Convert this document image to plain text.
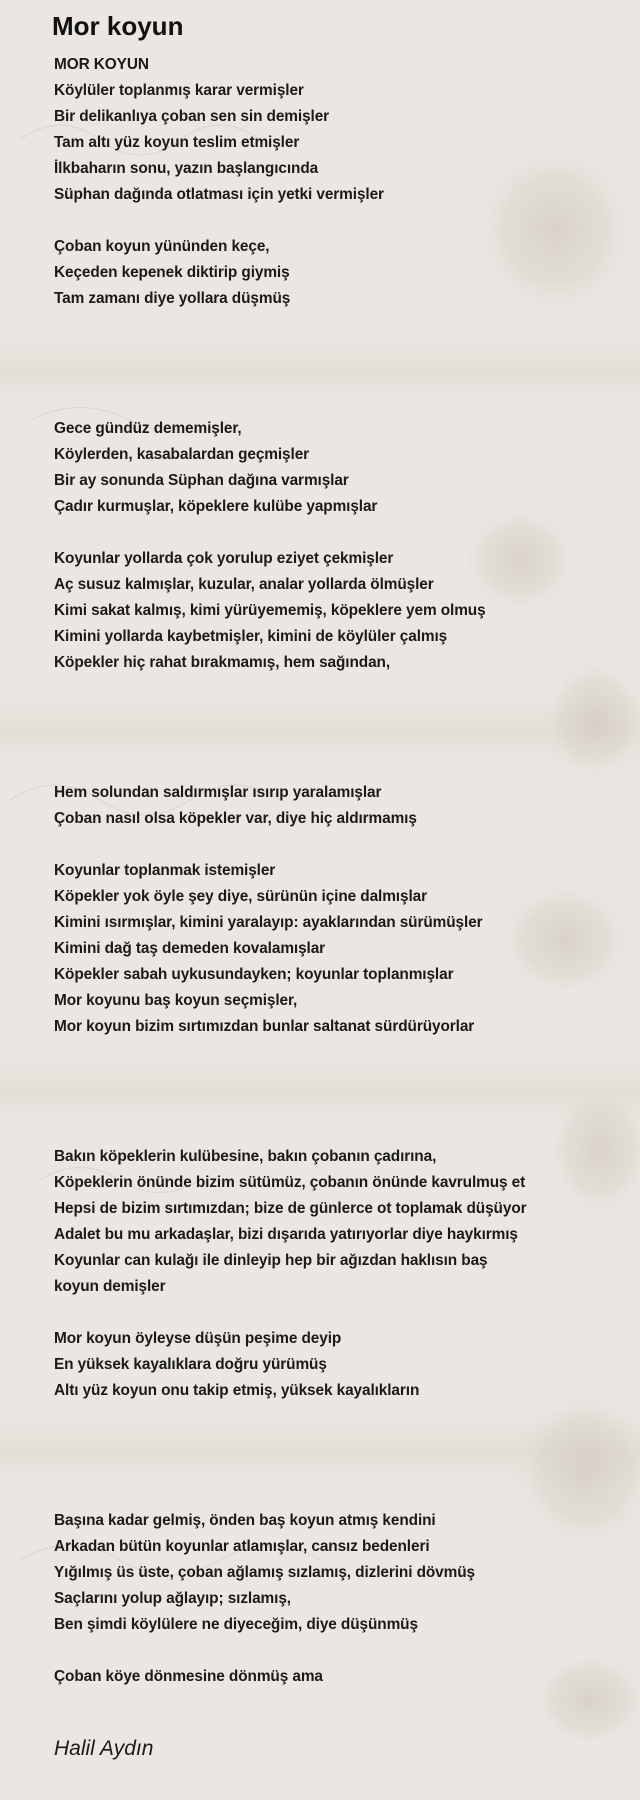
Mor koyun
MOR KOYUN
Köylüler toplanmış karar vermişler
Bir delikanlıya çoban sen sin demişler
Tam altı yüz koyun teslim etmişler
İlkbaharın sonu, yazın başlangıcında
Süphan dağında otlatması için yetki vermişler
Çoban koyun yününden keçe,
Keçeden kepenek diktirip giymiş
Tam zamanı diye yollara düşmüş
Gece gündüz dememişler,
Köylerden, kasabalardan geçmişler
Bir ay sonunda Süphan dağına varmışlar
Çadır kurmuşlar, köpeklere kulübe yapmışlar
Koyunlar yollarda çok yorulup eziyet çekmişler
Aç susuz kalmışlar, kuzular, analar yollarda ölmüşler
Kimi sakat kalmış, kimi yürüyememiş, köpeklere yem olmuş
Kimini yollarda kaybetmişler, kimini de köylüler çalmış
Köpekler hiç rahat bırakmamış, hem sağından,
Hem solundan saldırmışlar ısırıp yaralamışlar
Çoban nasıl olsa köpekler var, diye hiç aldırmamış
Koyunlar toplanmak istemişler
Köpekler yok öyle şey diye, sürünün içine dalmışlar
Kimini ısırmışlar, kimini yaralayıp: ayaklarından sürümüşler
Kimini dağ taş demeden kovalamışlar
Köpekler sabah uykusundayken; koyunlar toplanmışlar
Mor koyunu baş koyun seçmişler,
Mor koyun bizim sırtımızdan bunlar saltanat sürdürüyorlar
Bakın köpeklerin kulübesine, bakın çobanın çadırına,
Köpeklerin önünde bizim sütümüz, çobanın önünde kavrulmuş et
Hepsi de bizim sırtımızdan; bize de günlerce ot toplamak düşüyor
Adalet bu mu arkadaşlar, bizi dışarıda yatırıyorlar diye haykırmış
Koyunlar can kulağı ile dinleyip hep bir ağızdan haklısın baş
koyun demişler
Mor koyun öyleyse düşün peşime deyip
En yüksek kayalıklara doğru yürümüş
Altı yüz koyun onu takip etmiş, yüksek kayalıkların
Başına kadar gelmiş, önden baş koyun atmış kendini
Arkadan bütün koyunlar atlamışlar, cansız bedenleri
Yığılmış üs üste, çoban ağlamış sızlamış, dizlerini dövmüş
Saçlarını yolup ağlayıp; sızlamış,
Ben şimdi köylülere ne diyeceğim, diye düşünmüş
Çoban köye dönmesine dönmüş ama

Halil Aydın
